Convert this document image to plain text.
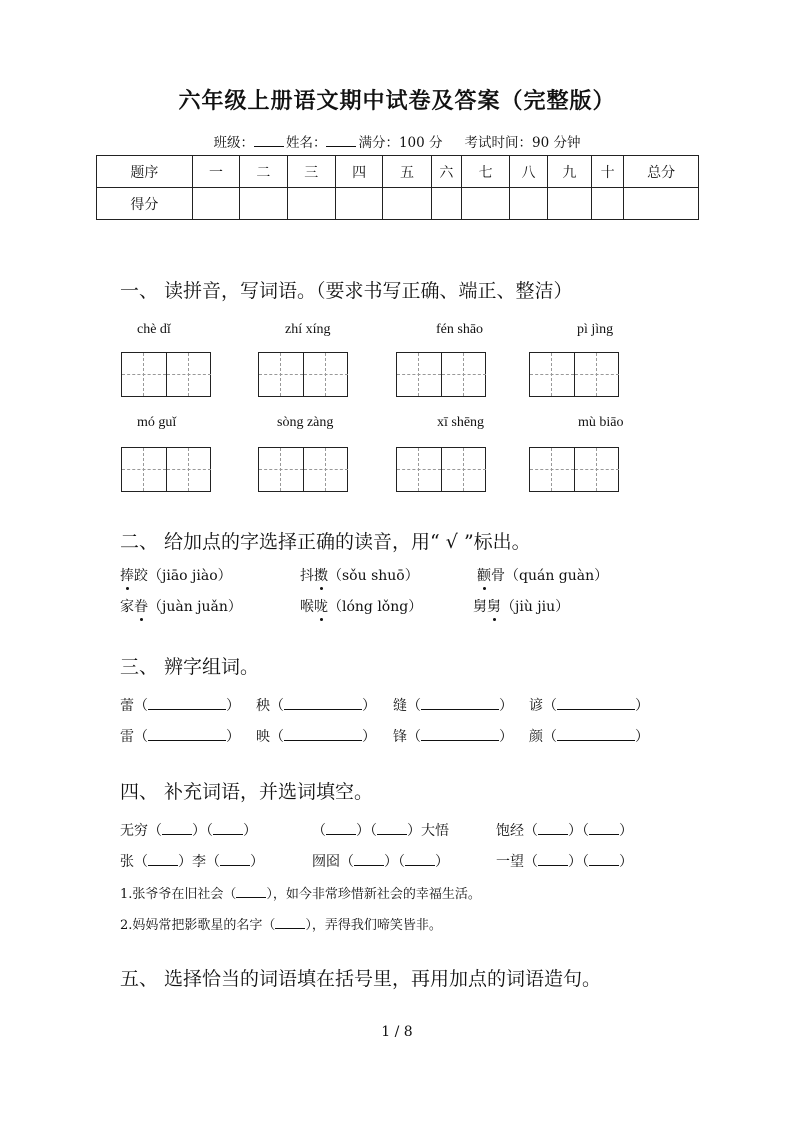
六年级上册语文期中试卷及答案（完整版）
班级： 姓名： 满分：100 分 考试时间：90 分钟
题序	一	二	三	四	五	六	七	八	九	十	总分
得分											
一、 读拼音，写词语。（要求书写正确、端正、整洁）
chè dǐ	zhí xíng	fén shāo	pì jìng
mó guǐ	sòng zàng	xī shēng	mù biāo
二、 给加点的字选择正确的读音，用“ √ ”标出。
捧跤（jiāo jiào）	抖擞（sǒu shuō）	颧骨（quán guàn）
家眷（juàn juǎn）	喉咙（lóng lǒng）	舅舅（jiù jiu）
三、 辨字组词。
蕾（	） 秧（	） 缝（	） 谚（	）
雷（	） 映（	） 锋（	） 颜（	）
四、 补充词语，并选词填空。
无穷（ ）（ ）	（ ）（ ）大悟	饱经（ ）（ ）
张（ ）李（ ）	囫囵（ ）（ ）	一望（ ）（ ）
1.张爷爷在旧社会（ ），如今非常珍惜新社会的幸福生活。
2.妈妈常把影歌星的名字（ ），弄得我们啼笑皆非。
五、 选择恰当的词语填在括号里，再用加点的词语造句。
1 / 8
